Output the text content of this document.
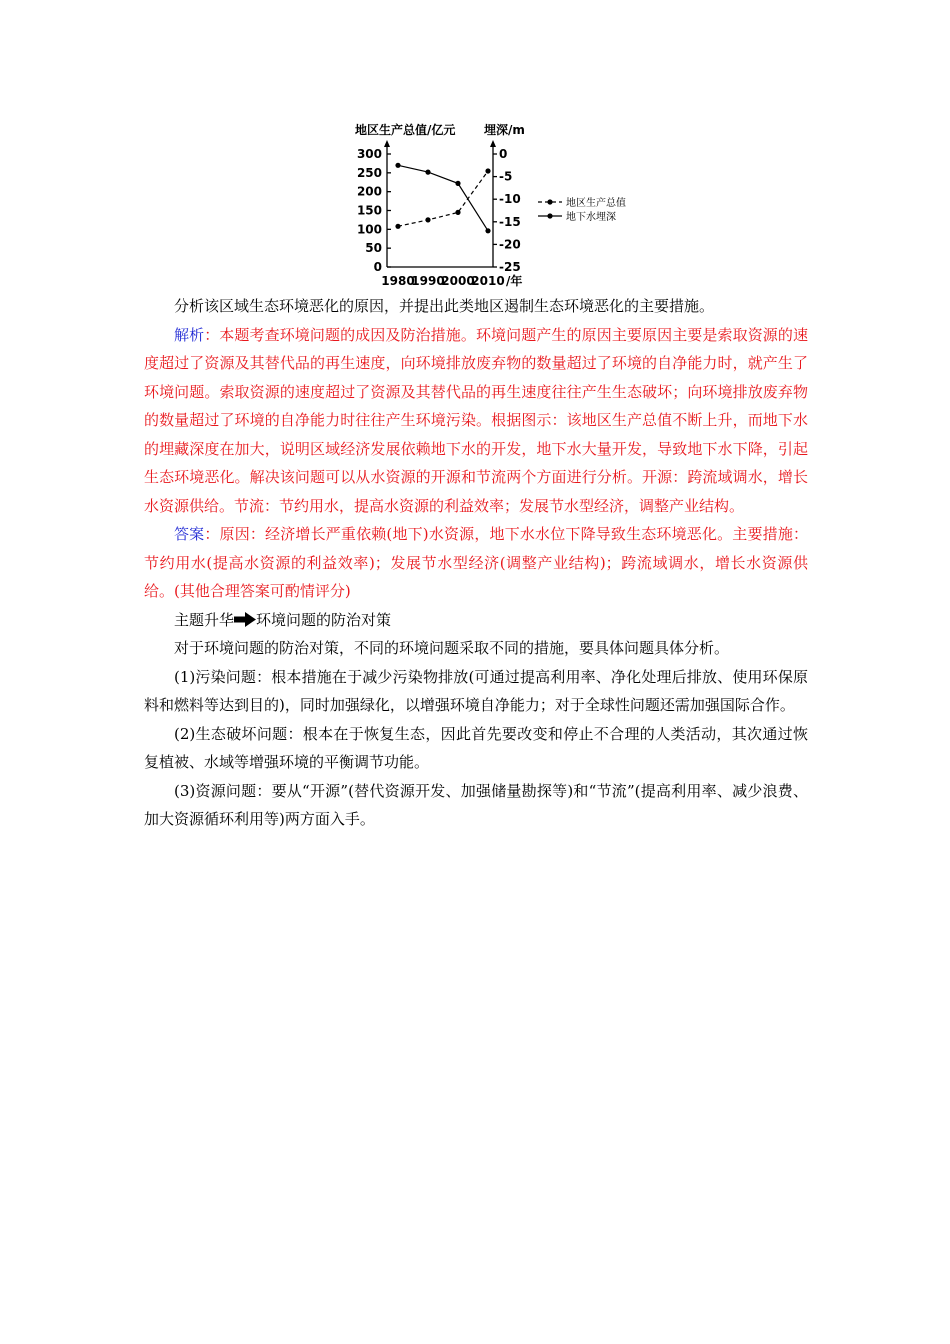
地区生产总值/亿元 埋深/m
/年
300
250
200
150
100
50
0
0
-5
-10
-15
-20
-25
1980
1990
2000
2010
地区生产总值
地下水埋深

分析该区域生态环境恶化的原因，并提出此类地区遏制生态环境恶化的主要措施。

解析：本题考查环境问题的成因及防治措施。环境问题产生的原因主要原因主要是索取资源的速度超过了资源及其替代品的再生速度，向环境排放废弃物的数量超过了环境的自净能力时，就产生了环境问题。索取资源的速度超过了资源及其替代品的再生速度往往产生生态破坏；向环境排放废弃物的数量超过了环境的自净能力时往往产生环境污染。根据图示：该地区生产总值不断上升，而地下水的埋藏深度在加大，说明区域经济发展依赖地下水的开发，地下水大量开发，导致地下水下降，引起生态环境恶化。解决该问题可以从水资源的开源和节流两个方面进行分析。开源：跨流域调水，增长水资源供给。节流：节约用水，提高水资源的利益效率；发展节水型经济，调整产业结构。

答案：原因：经济增长严重依赖(地下)水资源，地下水水位下降导致生态环境恶化。主要措施：节约用水(提高水资源的利益效率)；发展节水型经济(调整产业结构)；跨流域调水，增长水资源供给。(其他合理答案可酌情评分)

主题升华 环境问题的防治对策

对于环境问题的防治对策，不同的环境问题采取不同的措施，要具体问题具体分析。

(1)污染问题：根本措施在于减少污染物排放(可通过提高利用率、净化处理后排放、使用环保原料和燃料等达到目的)，同时加强绿化，以增强环境自净能力；对于全球性问题还需加强国际合作。

(2)生态破坏问题：根本在于恢复生态，因此首先要改变和停止不合理的人类活动，其次通过恢复植被、水域等增强环境的平衡调节功能。

(3)资源问题：要从“开源”(替代资源开发、加强储量勘探等)和“节流”(提高利用率、减少浪费、加大资源循环利用等)两方面入手。
